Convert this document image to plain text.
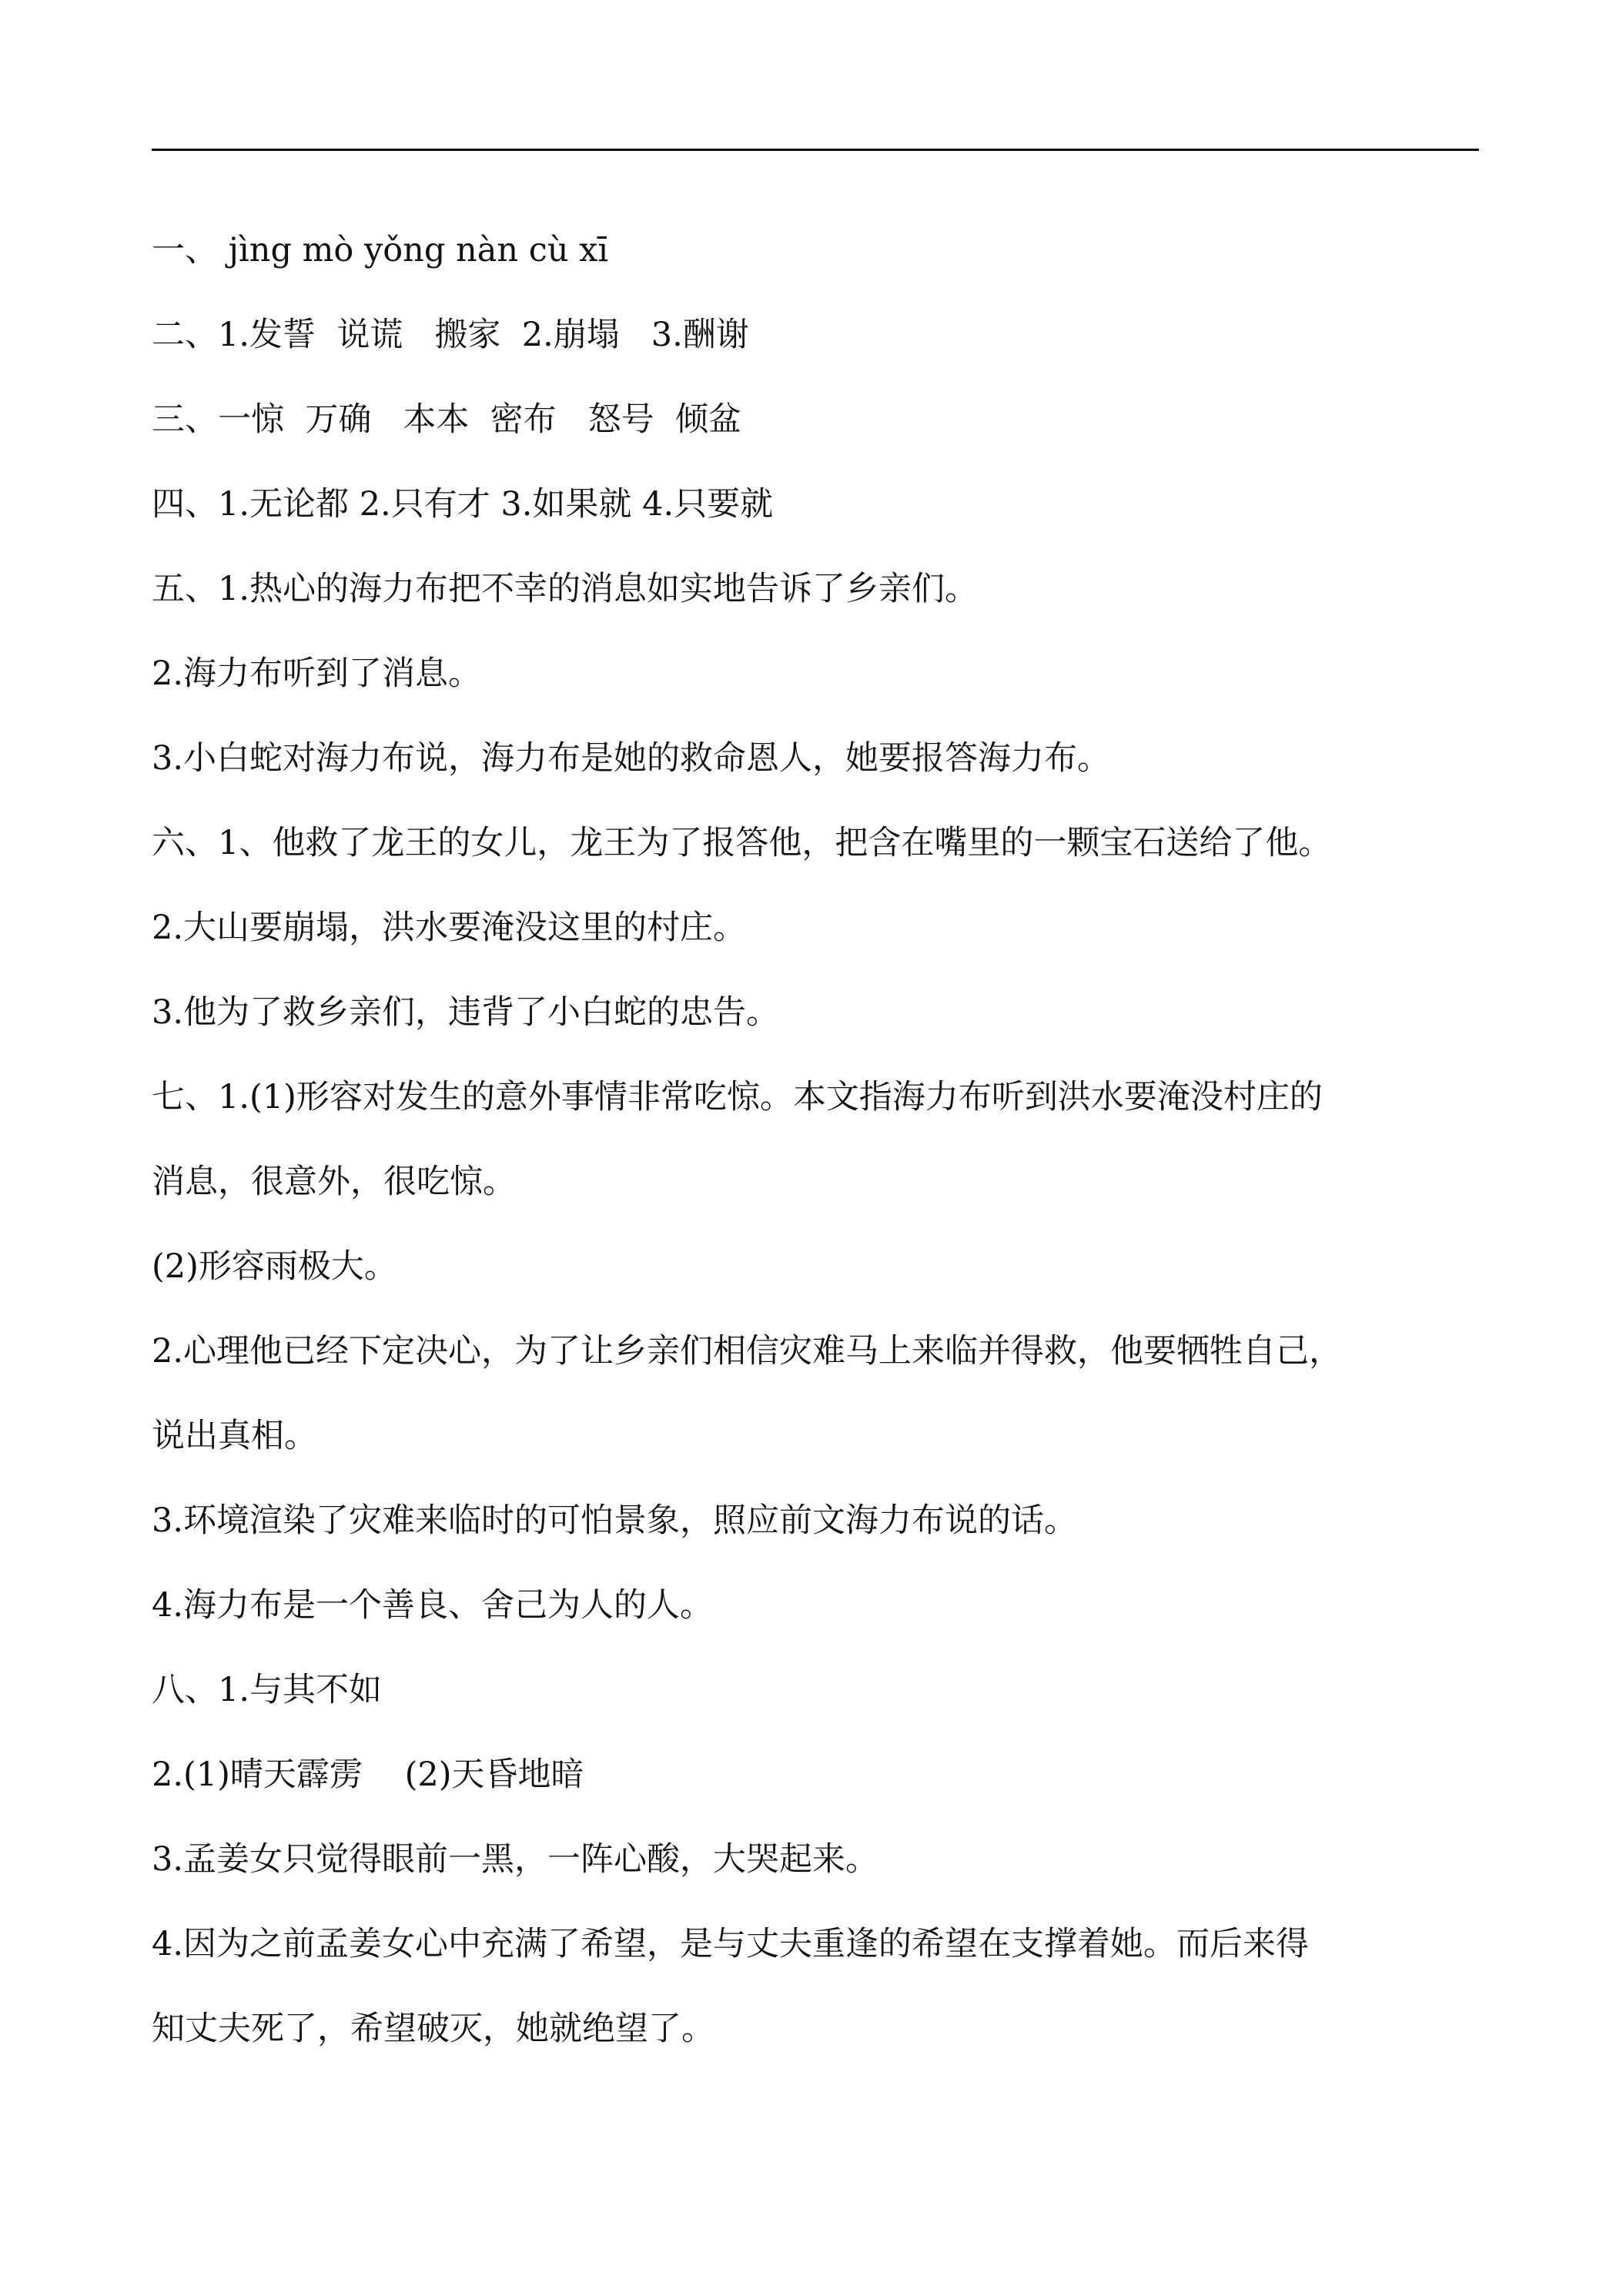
一、 jìng mò yǒng nàn cù xī
二、1.发誓  说谎   搬家  2.崩塌   3.酬谢
三、一惊  万确   本本  密布   怒号  倾盆
四、1.无论都 2.只有才 3.如果就 4.只要就
五、1.热心的海力布把不幸的消息如实地告诉了乡亲们。
2.海力布听到了消息。
3.小白蛇对海力布说，海力布是她的救命恩人，她要报答海力布。
六、1、他救了龙王的女儿，龙王为了报答他，把含在嘴里的一颗宝石送给了他。
2.大山要崩塌，洪水要淹没这里的村庄。
3.他为了救乡亲们，违背了小白蛇的忠告。
七、1.(1)形容对发生的意外事情非常吃惊。本文指海力布听到洪水要淹没村庄的
消息，很意外，很吃惊。
(2)形容雨极大。
2.心理他已经下定决心，为了让乡亲们相信灾难马上来临并得救，他要牺牲自己，
说出真相。
3.环境渲染了灾难来临时的可怕景象，照应前文海力布说的话。
4.海力布是一个善良、舍己为人的人。
八、1.与其不如
2.(1)晴天霹雳    (2)天昏地暗
3.孟姜女只觉得眼前一黑，一阵心酸，大哭起来。
4.因为之前孟姜女心中充满了希望，是与丈夫重逢的希望在支撑着她。而后来得
知丈夫死了，希望破灭，她就绝望了。
